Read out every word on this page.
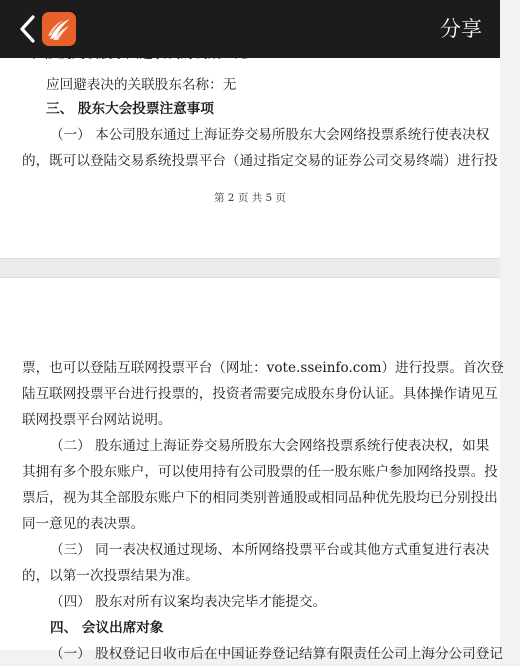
分享

应回避表决的关联股东名称：无

三、 股东大会投票注意事项

（一） 本公司股东通过上海证券交易所股东大会网络投票系统行使表决权

的，既可以登陆交易系统投票平台（通过指定交易的证券公司交易终端）进行投

第 2 页 共 5 页

票，也可以登陆互联网投票平台（网址：vote.sseinfo.com）进行投票。首次登

陆互联网投票平台进行投票的，投资者需要完成股东身份认证。具体操作请见互

联网投票平台网站说明。

（二） 股东通过上海证券交易所股东大会网络投票系统行使表决权，如果

其拥有多个股东账户，可以使用持有公司股票的任一股东账户参加网络投票。投

票后，视为其全部股东账户下的相同类别普通股或相同品种优先股均已分别投出

同一意见的表决票。

（三） 同一表决权通过现场、本所网络投票平台或其他方式重复进行表决

的，以第一次投票结果为准。

（四） 股东对所有议案均表决完毕才能提交。

四、 会议出席对象

（一） 股权登记日收市后在中国证券登记结算有限责任公司上海分公司登记
